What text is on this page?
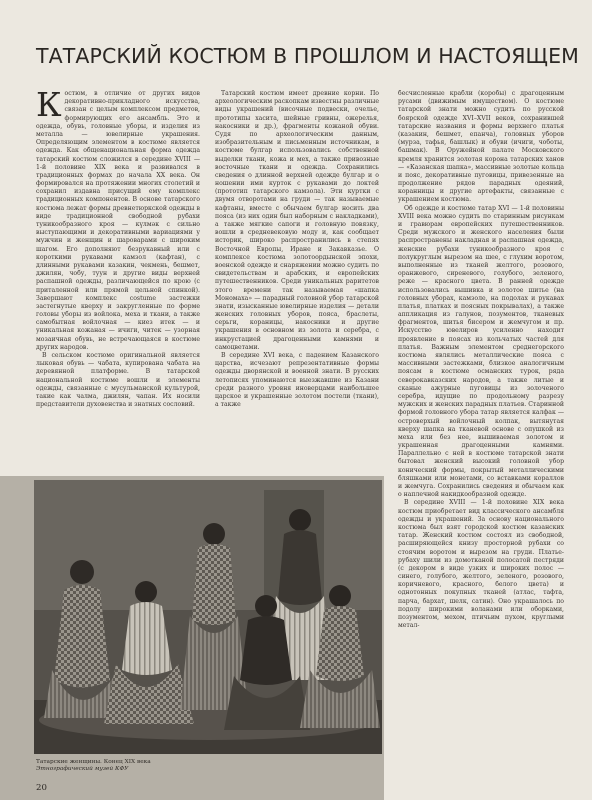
ТАТАРСКИЙ КОСТЮМ В ПРОШЛОМ И НАСТОЯЩЕМ

Костюм, в отличие от других видов декоративно-прикладного искусства, связан с целым комплексом предметов, формирующих его ансамбль. Это и одежда, обувь, головные уборы, и изделия из металла — ювелирные украшения. Определяющим элементом в костюме является одежда. Как общенациональная форма одежда татарский костюм сложился в середине XVIII — 1-й половине XIX века и развивался в традиционных формах до начала XX века. Он формировался на протяжении многих столетий и сохранил издавна присущий ему комплекс традиционных компонентов. В основе татарского костюма лежат формы древнетюркской одежды в виде традиционной свободной рубахи туникообразного кроя — күлмәк с сильно выступающими и декоративными вариациями у мужчин и женщин и шароварами с широким шагом. Его дополняют безрукавный или с короткими рукавами камзол (кафтан), с длинными рукавами казакин, чекмень, бешмет, джилян, чобу, туун и другие виды верхней распашной одежды, различающейся по крою (с приталенной или прямой цельной спинкой). Завершают комплекс costume застежки застегнутые кверху и закругленные по форме головы уборы из войлока, меха и ткани, а также самобытная войлочная — киез итек — и уникальная кожаная — ичиги, читек — узорная мозаичная обувь, не встречающаяся в костюме других народов.

В сельском костюме оригинальной является лыковая обувь — чабата, купирована чабата на деревянной платформе. В татарской национальной костюме вошли и элементы одежды, связанные с мусульманской культурой, такие как чалма, джилян, чапан. Их носили представители духовенства и знатных сословий.

Татарский костюм имеет древние корни. По археологическим раскопкам известны различные виды украшений (височные подвески, очелье, прототипы хасита, шейные гривны, ожерелья, накосники и др.), фрагменты кожаной обуви. Судя по археологическим данным, изобразительным и письменным источникам, в костюме булгар использовались собственной выделки ткани, кожа и мех, а также привозные восточные ткани и одежда. Сохранились сведения о длинной верхней одежде булгар и о ношении ими курток с рукавами до локтей (прототип татарского камзола). Эти куртки с двумя отворотами на груди — так называемые кафтаны, вместе с обычаем булгар носить два пояса (из них один был наборным с накладками), а также мягкие сапоги и головную повязку, вошли в средневековую моду и, как сообщает историк, широко распространились в степях Восточной Европы, Иране и Закавказье. О комплексе костюма золотоордынской эпохи, военской одежде и снаряжении можно судить по свидетельствам и арабских, и европейских путешественников. Среди уникальных раритетов этого времени так называемая «шапка Мономаха» — парадный головной убор татарской знати, изысканные ювелирные изделия — детали женских головных уборов, пояса, браслеты, серьги, кораницы, накосники и другие украшения в основном из золота и серебра, с инкрустацией драгоценными камнями и самоцветами.

В середине XVI века, с падением Казанского царства, исчезают репрезентативные формы одежды дворянской и военной знати. В русских летописях упоминаются выезжавшие из Казани среди разного уровня иноверцами наибольшее царское и украшенные золотом постели (ткани), а также

бесчисленные крабли (коробы) с драгоценным русами (движимым имуществом). О костюме татарской знати можно судить по русской боярской одежде XVI–XVII веков, сохранившей татарские названия и формы верхнего платья (казакин, бешмет, епанча), головных уборов (мурза, тафья, башлык) и обуви (ичиги, чоботы, башмак). В Оружейной палате Московского кремля хранится золотая корона татарских ханов — «Казанская шапка», массивные золотые кольца и пояс, декоративные пуговицы, привезенные на продолжение рядов парадных одеяний, коранницы и другие артефакты, связанные с украшением костюма.

Об одежде и костюме татар XVI — 1-й половины XVIII века можно судить по старинным рисункам и гравюрам европейских путешественников. Среди мужского и женского населения были распространены накладная и распашная одежда, женские рубахи туникообразного кроя с полукруглым вырезом на шее, с глухим воротом, выполненные из тканей желтого, розового, оранжевого, сиреневого, голубого, зеленого, реже — красного цвета. В ранней одежде использовались вышивка и золотое шитье (на головных уборах, камзоле, на подолах и рукавах платья, платках и поясных покрывалах), а также аппликация из галунов, позументов, тканевых фрагментов, шитья бисером и жемчугом и пр. Искусство ювелиров усиленно находит проявление в поясах из кольчатых частей для платья. Важным элементом среднегорского костюма являлись металлические пояса с массивными застежками, близкое аналогичным поясам в костюме османских турок, ряда северокавказских народов, а также литые и сканые ажурные пуговицы из золоченого серебра, идущие по продольному разрезу мужских и женских парадных платьев. Старинной формой головного убора татар является калфак — островерхый войлочный колпак, вытянутая кверху шапка на тканевой основе с опушкой из меха или без нее, вышиваемая золотом и украшенная драгоценными камнями. Параллельно с ней в костюме татарской знати бытовал женский высокий головной убор конический формы, покрытый металлическими бляшками или монетами, со вставками кораллов и жемчуга. Сохранились сведения и обычаем как о наплечной накидкообразной одежде.

В середине XVIII — 1-й половине XIX века костюм приобретает вид классического ансамбля одежды и украшений. За основу национального костюма был взят городской костюм казанских татар. Женский костюм состоял из свободной, расширяющейся книзу просторной рубахи со стоячим воротом и вырезом на груди. Платье-рубаху шили из домотканой полосатой пестряди (с декором в виде узких и широких полос — синего, голубого, желтого, зеленого, розового, коричневого, красного, белого цвета) и однотонных покупных тканей (атлас, тафта, парча, бархат, шелк, сатин). Оно украшалось по подолу широкими воланами или оборками, позументом, мехом, птичьим пухом, круглыми метал-

Татарские женщины. Конец XIX века
Этнографический музей КФУ
20
